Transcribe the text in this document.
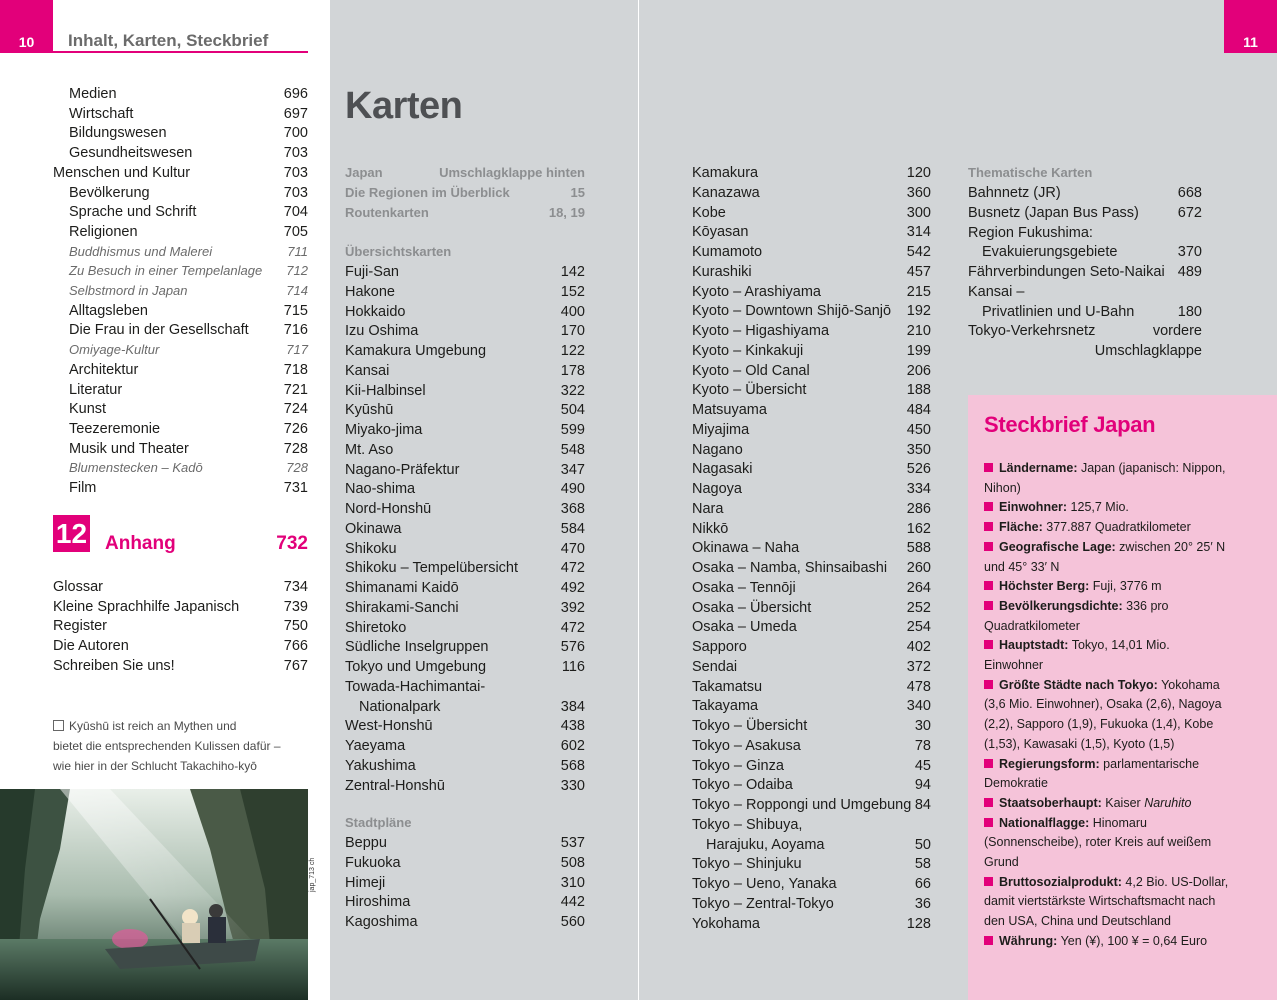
10	Inhalt, Karten, Steckbrief
Medien	696
Wirtschaft	697
Bildungswesen	700
Gesundheitswesen	703
Menschen und Kultur	703
Bevölkerung	703
Sprache und Schrift	704
Religionen	705
Buddhismus und Malerei	711
Zu Besuch in einer Tempelanlage 712
Selbstmord in Japan	714
Alltagsleben	715
Die Frau in der Gesellschaft 716
Omiyage-Kultur	717
Architektur	718
Literatur	721
Kunst	724
Teezeremonie	726
Musik und Theater	728
Blumenstecken – Kadō	728
Film	731
12 Anhang	732
Glossar	734
Kleine Sprachhilfe Japanisch	739
Register	750
Die Autoren	766
Schreiben Sie uns!	767
Kyūshū ist reich an Mythen und
bietet die entsprechenden Kulissen dafür –
wie hier in der Schlucht Takachiho-kyō
jap_713 ch
11
Karten
Japan	Umschlagklappe hinten
Die Regionen im Überblick	15
Routenkarten	18, 19
Fuji-San	142
Hakone	152
Hokkaido	400
Izu Oshima	170
Kamakura Umgebung	122
Kansai	178
Kii-Halbinsel	322
Kyūshū	504
Miyako-jima	599
Mt. Aso	548
Nagano-Präfektur	347
Nao-shima	490
Nord-Honshū	368
Okinawa	584
Shikoku	470
Shikoku – Tempelübersicht	472
Shimanami Kaidō	492
Shirakami-Sanchi	392
Shiretoko	472
Südliche Inselgruppen	576
Tokyo und Umgebung	116
Towada-Hachimantai-
Nationalpark	384
West-Honshū	438
Yaeyama	602
Yakushima	568
Zentral-Honshū	330
Beppu	537
Fukuoka	508
Himeji	310
Hiroshima	442
Kagoshima	560
Übersichtskarten
Stadtpläne
Kamakura	120
Kanazawa	360
Kobe	300
Kōyasan	314
Kumamoto	542
Kurashiki	457
Kyoto – Arashiyama	215
Kyoto – Downtown Shijō-Sanjō 192
Kyoto – Higashiyama	210
Kyoto – Kinkakuji	199
Kyoto – Old Canal	206
Kyoto – Übersicht	188
Matsuyama	484
Miyajima	450
Nagano	350
Nagasaki	526
Nagoya	334
Nara	286
Nikkō	162
Okinawa – Naha	588
Osaka – Namba, Shinsaibashi 260
Osaka – Tennōji	264
Osaka – Übersicht	252
Osaka – Umeda	254
Sapporo	402
Sendai	372
Takamatsu	478
Takayama	340
Tokyo – Übersicht	30
Tokyo – Asakusa	78
Tokyo – Ginza	45
Tokyo – Odaiba	94
Tokyo – Roppongi und Umgebung 84
Tokyo – Shibuya,
Harajuku, Aoyama	50
Tokyo – Shinjuku	58
Tokyo – Ueno, Yanaka	66
Tokyo – Zentral-Tokyo	36
Yokohama	128
Thematische Karten
Bahnnetz (JR)	668
Busnetz (Japan Bus Pass)	672
Region Fukushima:
Evakuierungsgebiete	370
Fährverbindungen Seto-Naikai 489
Kansai –
Privatlinien und U-Bahn	180
Tokyo-Verkehrsnetz	vordere
Umschlagklappe
Steckbrief Japan
Ländername: Japan (japanisch: Nippon, Nihon)
Einwohner: 125,7 Mio.
Fläche: 377.887 Quadratkilometer
Geografische Lage: zwischen 20° 25′ N und 45° 33′ N
Höchster Berg: Fuji, 3776 m
Bevölkerungsdichte: 336 pro Quadratkilometer
Hauptstadt: Tokyo, 14,01 Mio. Einwohner
Größte Städte nach Tokyo: Yokohama (3,6 Mio. Einwohner), Osaka (2,6), Nagoya (2,2), Sapporo (1,9), Fukuoka (1,4), Kobe (1,53), Kawasaki (1,5), Kyoto (1,5)
Regierungsform: parlamentarische Demokratie
Staatsoberhaupt: Kaiser Naruhito
Nationalflagge: Hinomaru (Sonnenscheibe), roter Kreis auf weißem Grund
Bruttosozialprodukt: 4,2 Bio. US-Dollar, damit viertstärkste Wirtschaftsmacht nach den USA, China und Deutschland
Währung: Yen (¥), 100 ¥ = 0,64 Euro
